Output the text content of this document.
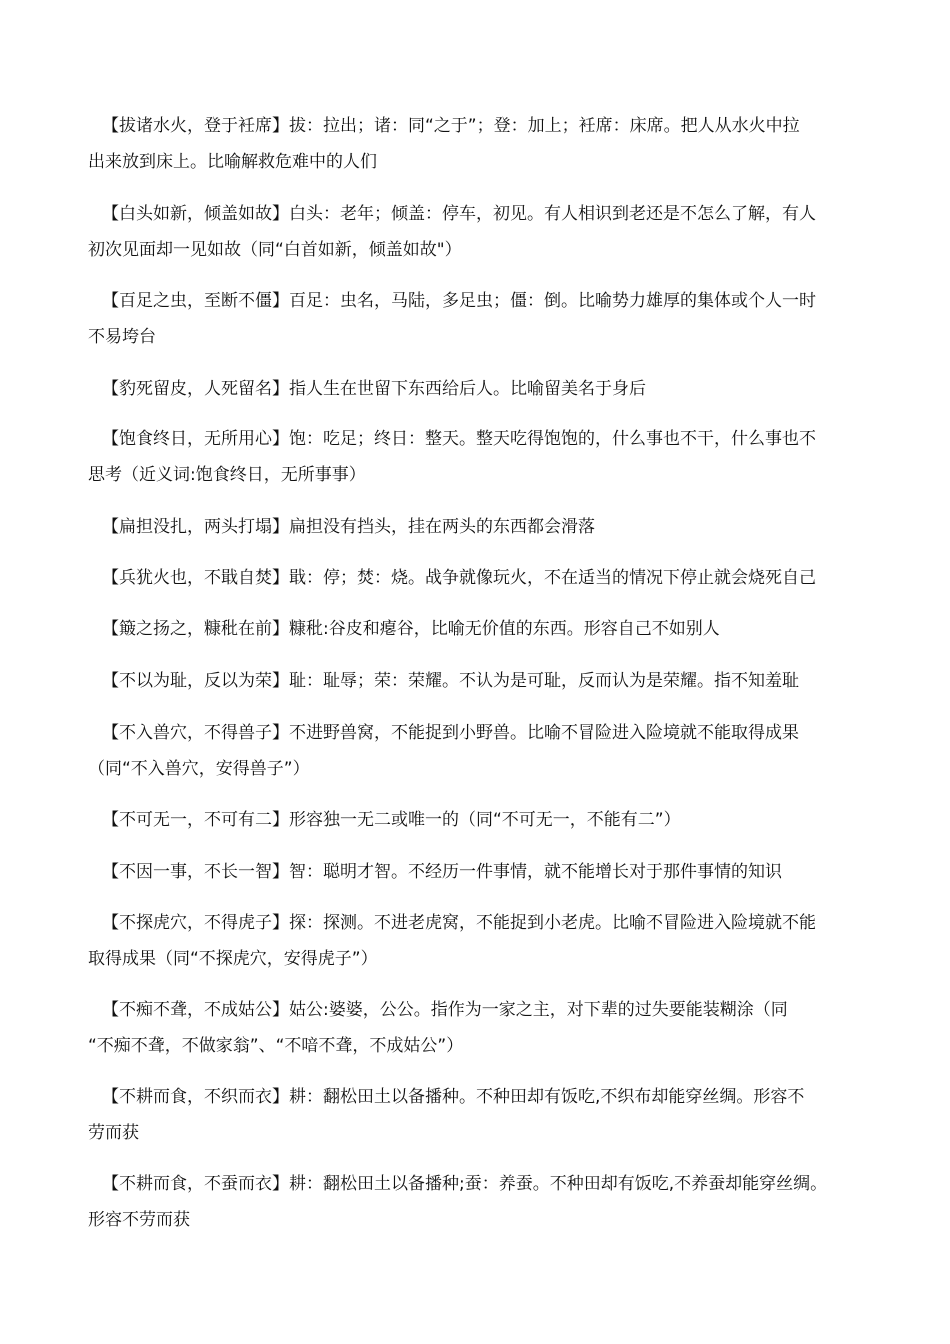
【拔诸水火，登于衽席】拔：拉出；诸：同“之于”；登：加上；衽席：床席。把人从水火中拉
出来放到床上。比喻解救危难中的人们

【白头如新，倾盖如故】白头：老年；倾盖：停车，初见。有人相识到老还是不怎么了解，有人
初次见面却一见如故（同“白首如新，倾盖如故"）

【百足之虫，至断不僵】百足：虫名，马陆，多足虫；僵：倒。比喻势力雄厚的集体或个人一时
不易垮台

【豹死留皮，人死留名】指人生在世留下东西给后人。比喻留美名于身后

【饱食终日，无所用心】饱：吃足；终日：整天。整天吃得饱饱的，什么事也不干，什么事也不
思考（近义词:饱食终日，无所事事）

【扁担没扎，两头打塌】扁担没有挡头，挂在两头的东西都会滑落

【兵犹火也，不戢自焚】戢：停；焚：烧。战争就像玩火，不在适当的情况下停止就会烧死自己

【簸之扬之，糠秕在前】糠秕:谷皮和瘪谷，比喻无价值的东西。形容自己不如别人

【不以为耻，反以为荣】耻：耻辱；荣：荣耀。不认为是可耻，反而认为是荣耀。指不知羞耻

【不入兽穴，不得兽子】不进野兽窝，不能捉到小野兽。比喻不冒险进入险境就不能取得成果
（同“不入兽穴，安得兽子”）

【不可无一，不可有二】形容独一无二或唯一的（同“不可无一，不能有二”）

【不因一事，不长一智】智：聪明才智。不经历一件事情，就不能增长对于那件事情的知识

【不探虎穴，不得虎子】探：探测。不进老虎窝，不能捉到小老虎。比喻不冒险进入险境就不能
取得成果（同“不探虎穴，安得虎子”）

【不痴不聋，不成姑公】姑公:婆婆，公公。指作为一家之主，对下辈的过失要能装糊涂（同
“不痴不聋，不做家翁”、“不喑不聋，不成姑公”）

【不耕而食，不织而衣】耕：翻松田土以备播种。不种田却有饭吃,不织布却能穿丝绸。形容不
劳而获

【不耕而食，不蚕而衣】耕：翻松田土以备播种;蚕：养蚕。不种田却有饭吃,不养蚕却能穿丝绸。
形容不劳而获
